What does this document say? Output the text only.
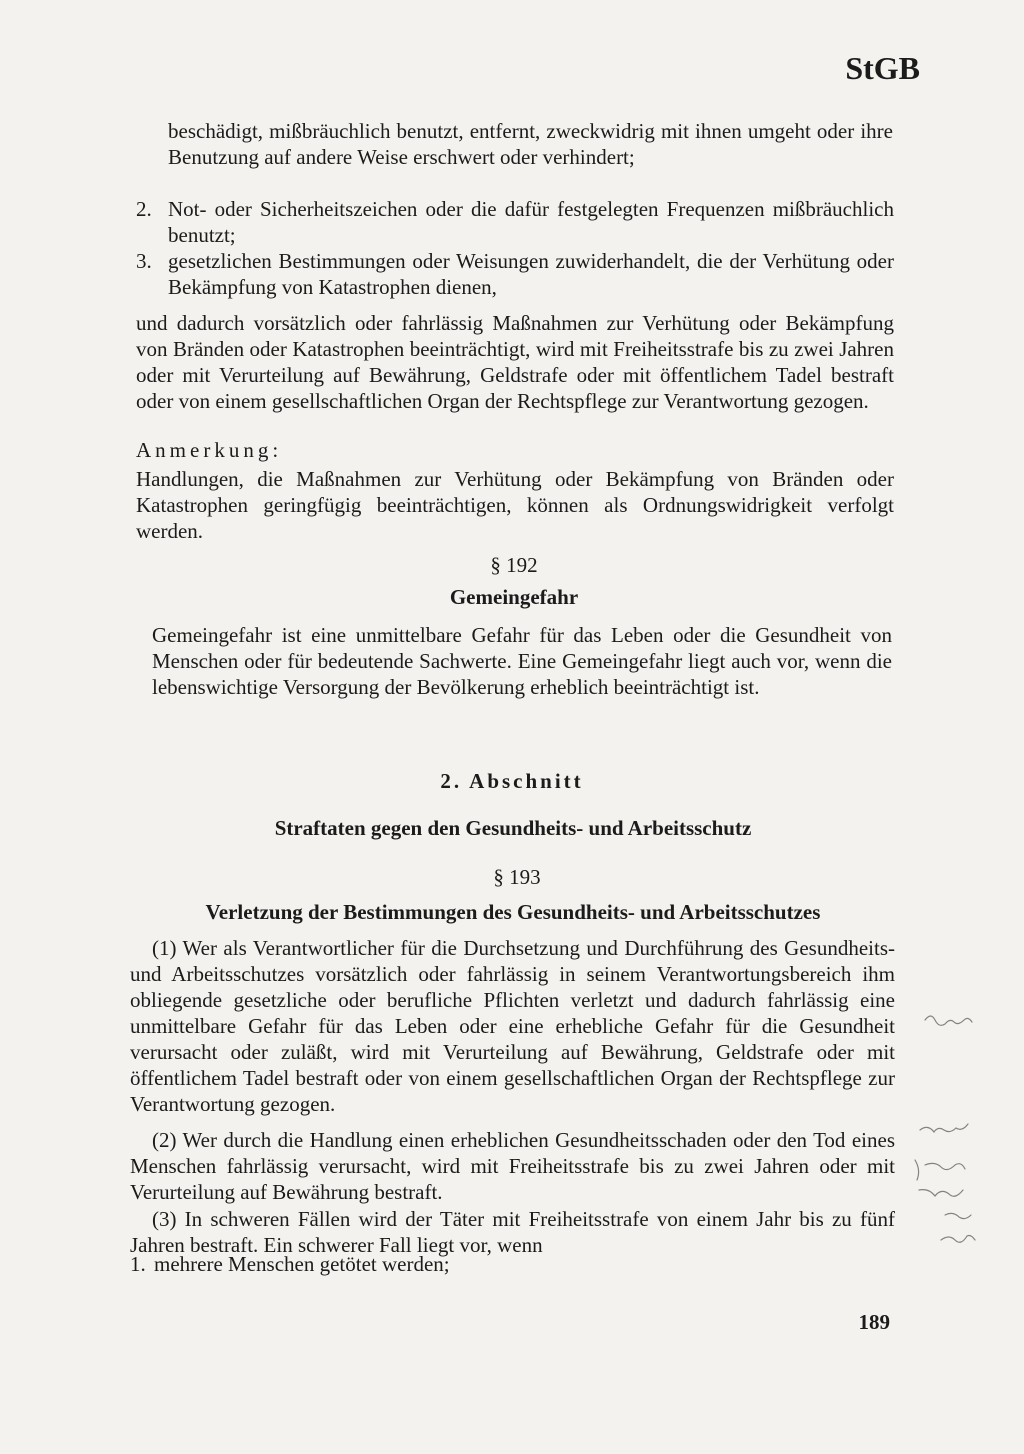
StGB
beschädigt, mißbräuchlich benutzt, entfernt, zweckwidrig mit ihnen umgeht oder ihre Benutzung auf andere Weise erschwert oder verhindert;
2. Not- oder Sicherheitszeichen oder die dafür festgelegten Frequenzen mißbräuchlich benutzt;
3. gesetzlichen Bestimmungen oder Weisungen zuwiderhandelt, die der Verhütung oder Bekämpfung von Katastrophen dienen,
und dadurch vorsätzlich oder fahrlässig Maßnahmen zur Verhütung oder Bekämpfung von Bränden oder Katastrophen beeinträchtigt, wird mit Freiheitsstrafe bis zu zwei Jahren oder mit Verurteilung auf Bewährung, Geldstrafe oder mit öffentlichem Tadel bestraft oder von einem gesellschaftlichen Organ der Rechtspflege zur Verantwortung gezogen.
Anmerkung:
Handlungen, die Maßnahmen zur Verhütung oder Bekämpfung von Bränden oder Katastrophen geringfügig beeinträchtigen, können als Ordnungswidrigkeit verfolgt werden.
§ 192
Gemeingefahr
Gemeingefahr ist eine unmittelbare Gefahr für das Leben oder die Gesundheit von Menschen oder für bedeutende Sachwerte. Eine Gemeingefahr liegt auch vor, wenn die lebenswichtige Versorgung der Bevölkerung erheblich beeinträchtigt ist.
2. Abschnitt
Straftaten gegen den Gesundheits- und Arbeitsschutz
§ 193
Verletzung der Bestimmungen des Gesundheits- und Arbeitsschutzes
(1) Wer als Verantwortlicher für die Durchsetzung und Durchführung des Gesundheits- und Arbeitsschutzes vorsätzlich oder fahrlässig in seinem Verantwortungsbereich ihm obliegende gesetzliche oder berufliche Pflichten verletzt und dadurch fahrlässig eine unmittelbare Gefahr für das Leben oder eine erhebliche Gefahr für die Gesundheit verursacht oder zuläßt, wird mit Verurteilung auf Bewährung, Geldstrafe oder mit öffentlichem Tadel bestraft oder von einem gesellschaftlichen Organ der Rechtspflege zur Verantwortung gezogen.
(2) Wer durch die Handlung einen erheblichen Gesundheitsschaden oder den Tod eines Menschen fahrlässig verursacht, wird mit Freiheitsstrafe bis zu zwei Jahren oder mit Verurteilung auf Bewährung bestraft.
(3) In schweren Fällen wird der Täter mit Freiheitsstrafe von einem Jahr bis zu fünf Jahren bestraft. Ein schwerer Fall liegt vor, wenn
1. mehrere Menschen getötet werden;
189
